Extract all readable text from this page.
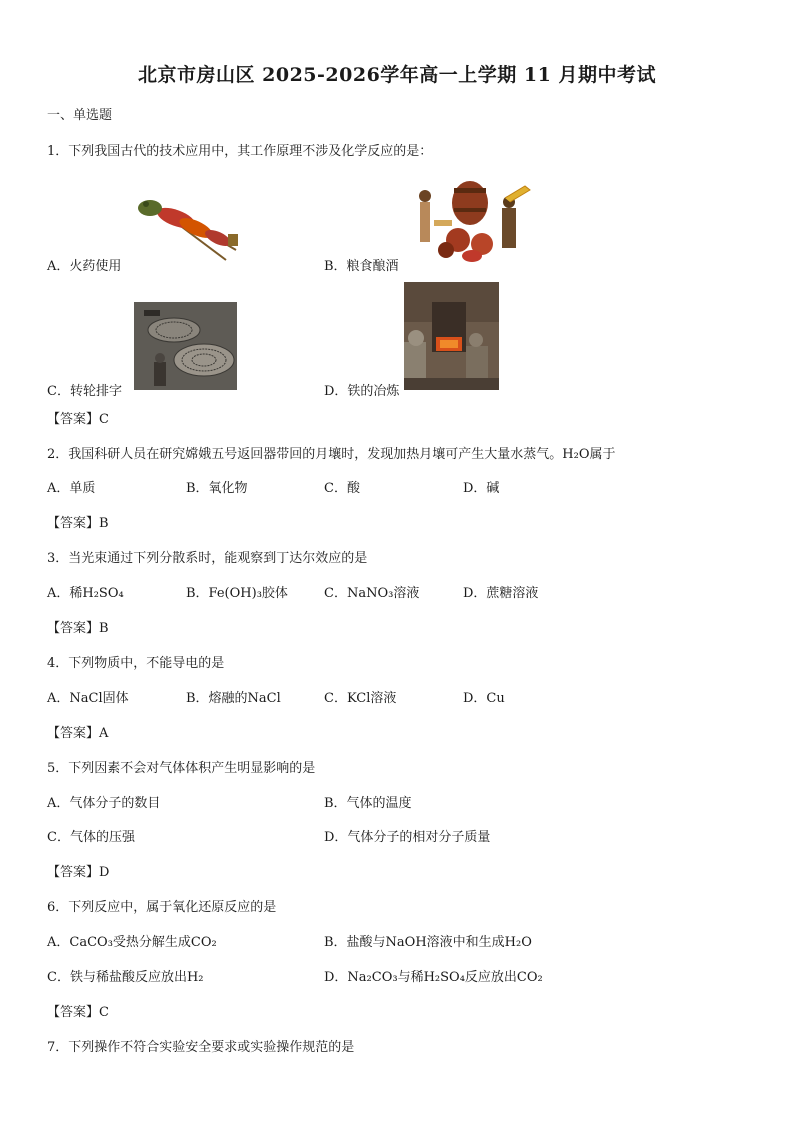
北京市房山区 2025-2026学年高一上学期 11 月期中考试
一、单选题
1．下列我国古代的技术应用中，其工作原理不涉及化学反应的是：
A．火药使用	B．粮食酿酒
C．转轮排字	D．铁的冶炼
【答案】C
2．我国科研人员在研究嫦娥五号返回器带回的月壤时，发现加热月壤可产生大量水蒸气。H₂O属于
A．单质	B．氧化物	C．酸	D．碱
【答案】B
3．当光束通过下列分散系时，能观察到丁达尔效应的是
A．稀H₂SO₄	B．Fe(OH)₃胶体	C．NaNO₃溶液	D．蔗糖溶液
【答案】B
4．下列物质中，不能导电的是
A．NaCl固体	B．熔融的NaCl	C．KCl溶液	D．Cu
【答案】A
5．下列因素不会对气体体积产生明显影响的是
A．气体分子的数目	B．气体的温度
C．气体的压强	D．气体分子的相对分子质量
【答案】D
6．下列反应中，属于氧化还原反应的是
A．CaCO₃受热分解生成CO₂	B．盐酸与NaOH溶液中和生成H₂O
C．铁与稀盐酸反应放出H₂	D．Na₂CO₃与稀H₂SO₄反应放出CO₂
【答案】C
7．下列操作不符合实验安全要求或实验操作规范的是
